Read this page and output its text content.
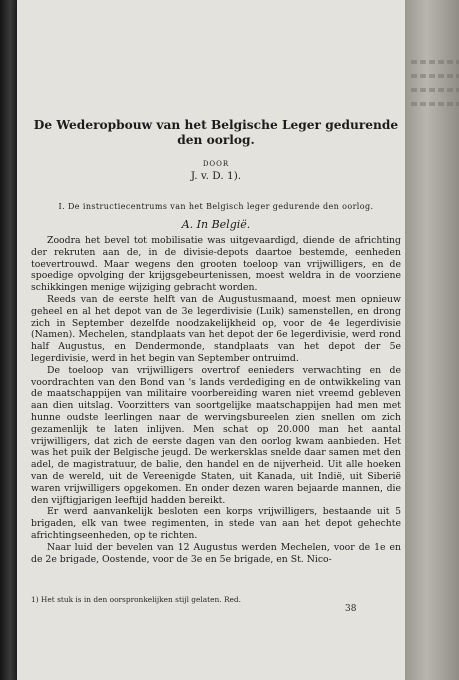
De Wederopbouw van het Belgische Leger gedurende den oorlog.
DOOR
J. v. D. 1).
I. De instructiecentrums van het Belgisch leger gedurende den oorlog.
A. In België.

Zoodra het bevel tot mobilisatie was uitgevaardigd, diende de africhting der rekruten aan de, in de divisie-depots daartoe bestemde, eenheden toevertrouwd. Maar wegens den grooten toeloop van vrijwilligers, en de spoedige opvolging der krijgsgebeurtenissen, moest weldra in de voorziene schikkingen menige wijziging gebracht worden.

Reeds van de eerste helft van de Augustusmaand, moest men opnieuw geheel en al het depot van de 3e legerdivisie (Luik) samenstellen, en drong zich in September dezelfde noodzakelijkheid op, voor de 4e legerdivisie (Namen). Mechelen, standplaats van het depot der 6e legerdivisie, werd rond half Augustus, en Dendermonde, standplaats van het depot der 5e legerdivisie, werd in het begin van September ontruimd.

De toeloop van vrijwilligers overtrof eenieders verwachting en de voordrachten van den Bond van 's lands verdediging en de ontwikkeling van de maatschappijen van militaire voorbereiding waren niet vreemd gebleven aan dien uitslag. Voorzitters van soortgelijke maatschappijen had men met hunne oudste leerlingen naar de wervingsbureelen zien snellen om zich gezamenlijk te laten inlijven. Men schat op 20.000 man het aantal vrijwilligers, dat zich de eerste dagen van den oorlog kwam aanbieden. Het was het puik der Belgische jeugd. De werkersklas snelde daar samen met den adel, de magistratuur, de balie, den handel en de nijverheid. Uit alle hoeken van de wereld, uit de Vereenigde Staten, uit Kanada, uit Indië, uit Siberië waren vrijwilligers opgekomen. En onder dezen waren bejaarde mannen, die den vijftigjarigen leeftijd hadden bereikt.

Er werd aanvankelijk besloten een korps vrijwilligers, bestaande uit 5 brigaden, elk van twee regimenten, in stede van aan het depot gehechte africhtingseenheden, op te richten.

Naar luid der bevelen van 12 Augustus werden Mechelen, voor de 1e en de 2e brigade, Oostende, voor de 3e en 5e brigade, en St. Nico-

1) Het stuk is in den oorspronkelijken stijl gelaten. Red.
38
